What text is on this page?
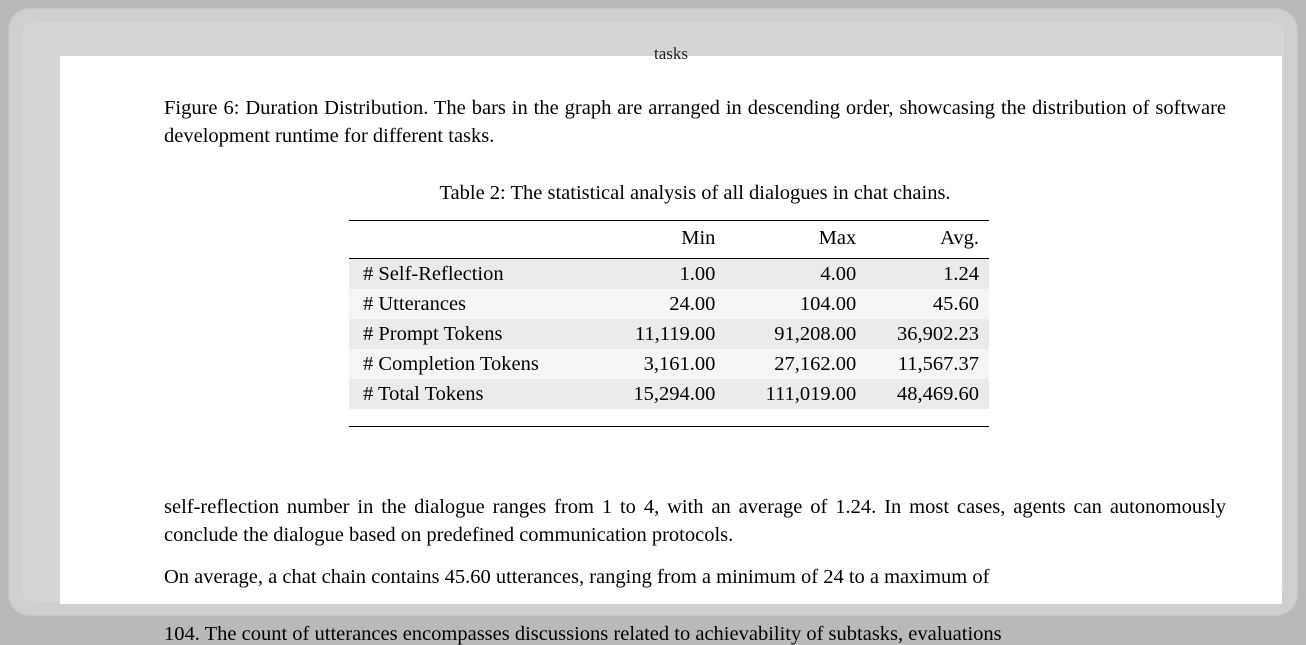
tasks
Figure 6: Duration Distribution. The bars in the graph are arranged in descending order, showcasing the distribution of software development runtime for different tasks.
Table 2: The statistical analysis of all dialogues in chat chains.
	Min	Max	Avg.
# Self-Reflection	1.00	4.00	1.24
# Utterances	24.00	104.00	45.60
# Prompt Tokens	11,119.00	91,208.00	36,902.23
# Completion Tokens	3,161.00	27,162.00	11,567.37
# Total Tokens	15,294.00	111,019.00	48,469.60
self-reflection number in the dialogue ranges from 1 to 4, with an average of 1.24. In most cases, agents can autonomously conclude the dialogue based on predefined communication protocols.
On average, a chat chain contains 45.60 utterances, ranging from a minimum of 24 to a maximum of
104. The count of utterances encompasses discussions related to achievability of subtasks, evaluations
